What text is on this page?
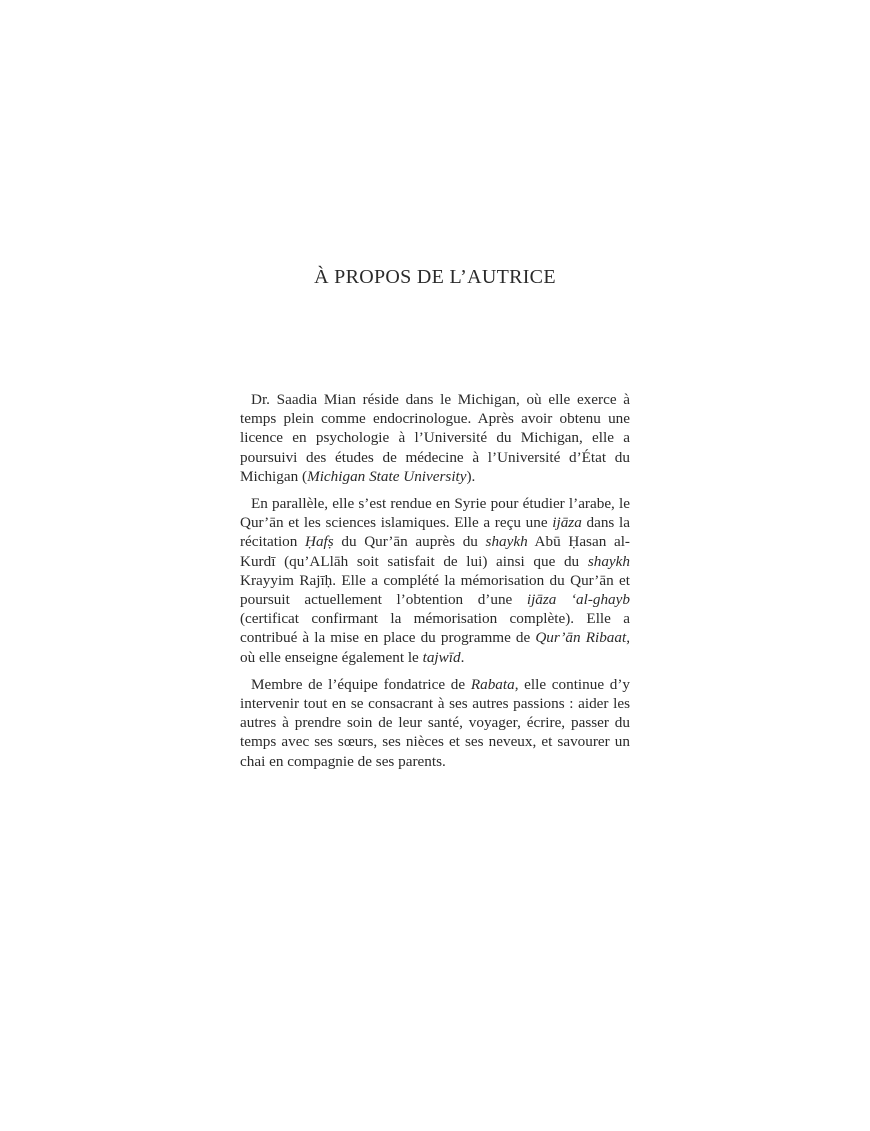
À PROPOS DE L’AUTRICE

Dr. Saadia Mian réside dans le Michigan, où elle exerce à temps plein comme endocrinologue. Après avoir obtenu une licence en psychologie à l’Université du Michigan, elle a poursuivi des études de médecine à l’Université d’État du Michigan (Michigan State University).

En parallèle, elle s’est rendue en Syrie pour étudier l’arabe, le Qur’ān et les sciences islamiques. Elle a reçu une ijāza dans la récitation Ḥafṣ du Qur’ān auprès du shaykh Abū Ḥasan al-Kurdī (qu’ALlāh soit satisfait de lui) ainsi que du shaykh Krayyim Rajīḥ. Elle a complété la mémorisation du Qur’ān et poursuit actuellement l’obtention d’une ijāza ‘al-ghayb (certificat confirmant la mémorisation complète). Elle a contribué à la mise en place du programme de Qur’ān Ribaat, où elle enseigne également le tajwīd.

Membre de l’équipe fondatrice de Rabata, elle continue d’y intervenir tout en se consacrant à ses autres passions : aider les autres à prendre soin de leur santé, voyager, écrire, passer du temps avec ses sœurs, ses nièces et ses neveux, et savourer un chai en compagnie de ses parents.
